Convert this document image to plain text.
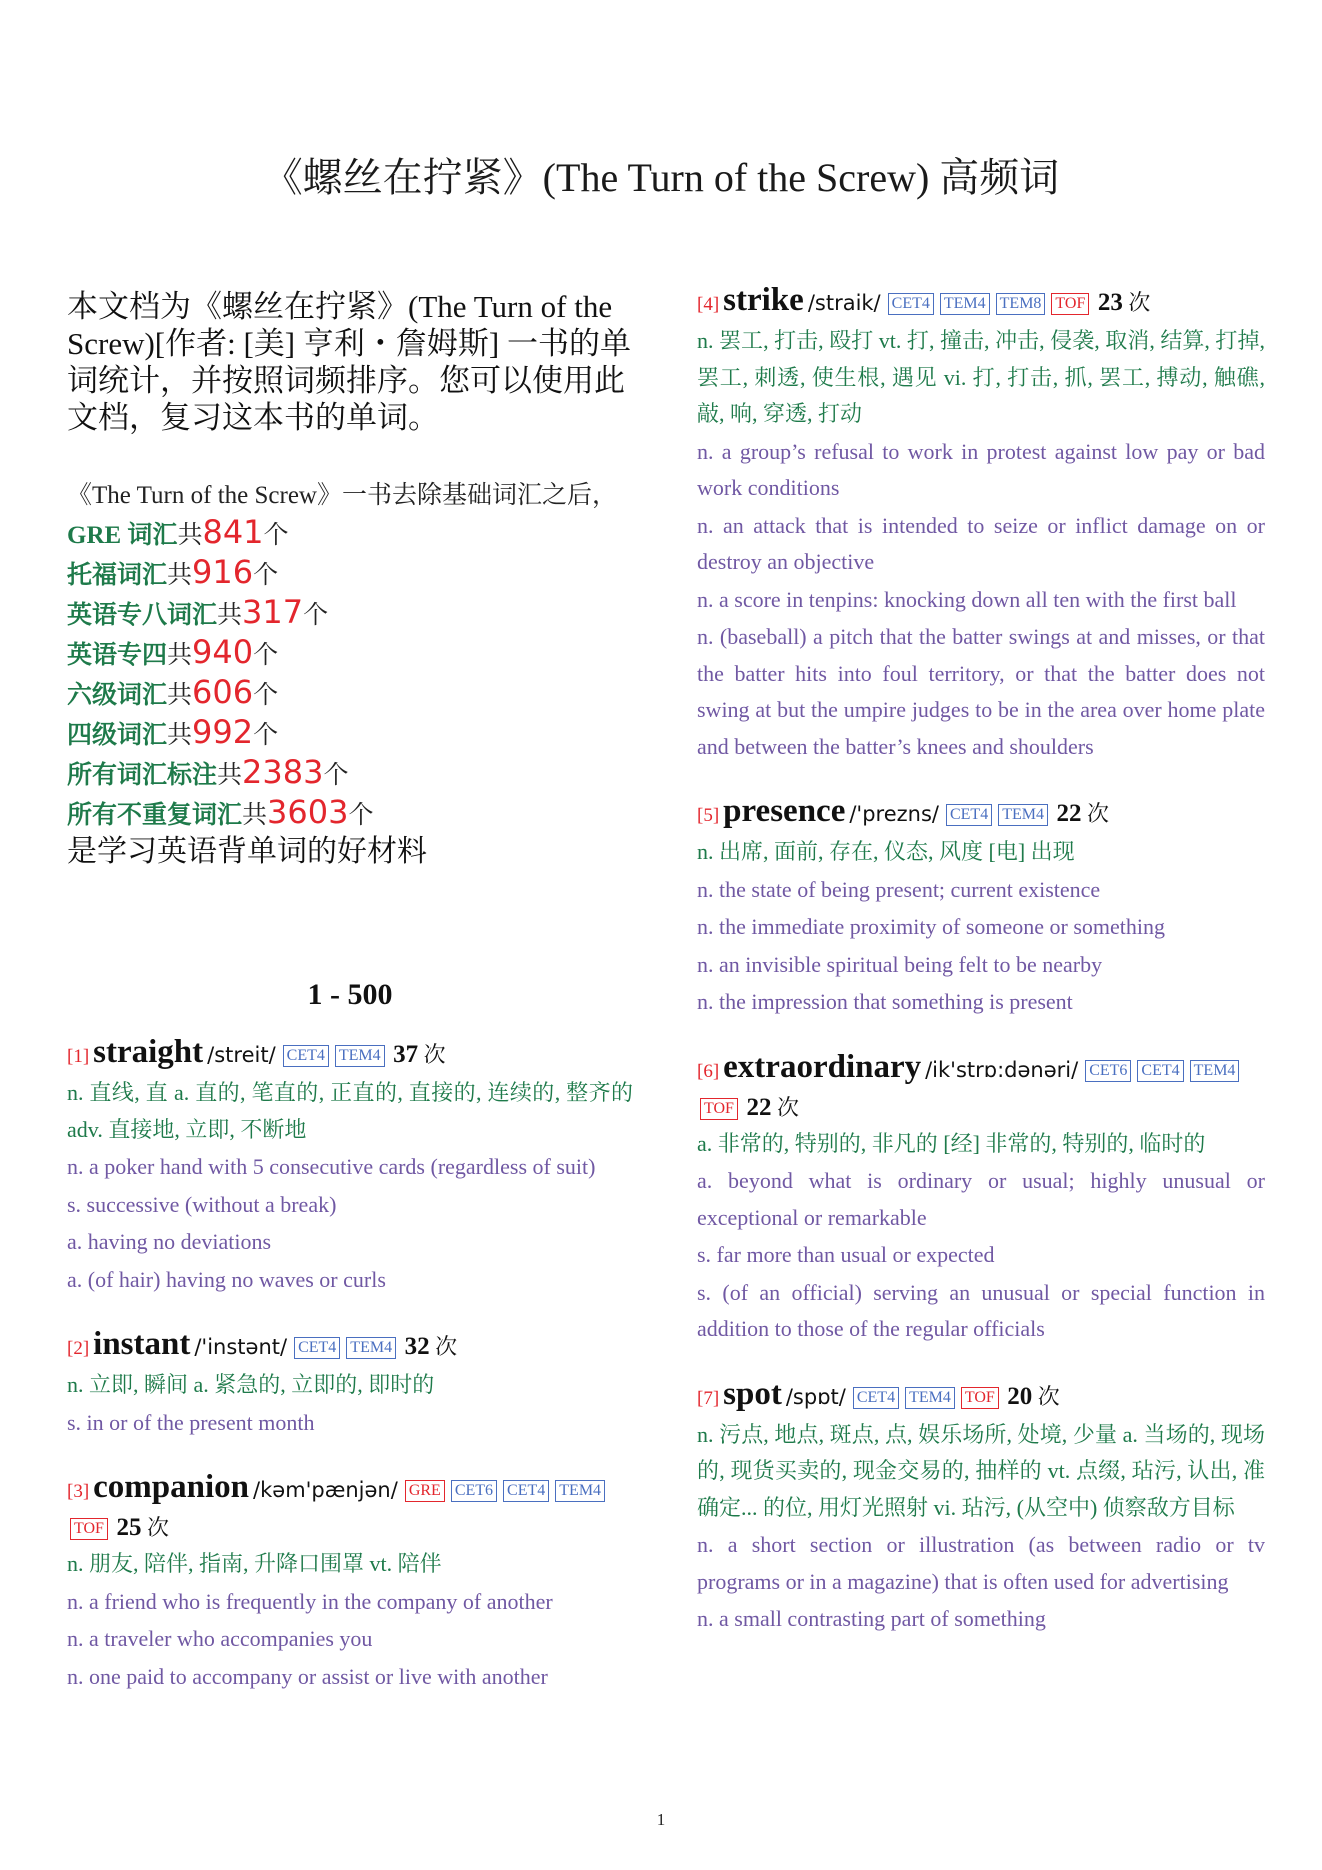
《螺丝在拧紧》(The Turn of the Screw) 高频词
本文档为《螺丝在拧紧》(The Turn of the Screw)[作者: [美] 亨利・詹姆斯] 一书的单词统计，并按照词频排序。您可以使用此文档，复习这本书的单词。
《The Turn of the Screw》一书去除基础词汇之后，
GRE 词汇共841个
托福词汇共916个
英语专八词汇共317个
英语专四共940个
六级词汇共606个
四级词汇共992个
所有词汇标注共2383个
所有不重复词汇共3603个
是学习英语背单词的好材料
1 - 500
[1] straight /streit/ CET4 TEM4 37 次
n. 直线, 直 a. 直的, 笔直的, 正直的, 直接的, 连续的, 整齐的 adv. 直接地, 立即, 不断地
n. a poker hand with 5 consecutive cards (regardless of suit)
s. successive (without a break)
a. having no deviations
a. (of hair) having no waves or curls
[2] instant /'instənt/ CET4 TEM4 32 次
n. 立即, 瞬间 a. 紧急的, 立即的, 即时的
s. in or of the present month
[3] companion /kəm'pænjən/ GRE CET6 CET4 TEM4TOF 25 次
n. 朋友, 陪伴, 指南, 升降口围罩 vt. 陪伴
n. a friend who is frequently in the company of another
n. a traveler who accompanies you
n. one paid to accompany or assist or live with another
[4] strike /straik/ CET4 TEM4 TEM8 TOF 23 次
n. 罢工, 打击, 殴打 vt. 打, 撞击, 冲击, 侵袭, 取消, 结算, 打掉, 罢工, 刺透, 使生根, 遇见 vi. 打, 打击, 抓, 罢工, 搏动, 触礁, 敲, 响, 穿透, 打动
n. a group’s refusal to work in protest against low pay or bad work conditions
n. an attack that is intended to seize or inflict damage on or destroy an objective
n. a score in tenpins: knocking down all ten with the first ball
n. (baseball) a pitch that the batter swings at and misses, or that the batter hits into foul territory, or that the batter does not swing at but the umpire judges to be in the area over home plate and between the batter’s knees and shoulders
[5] presence /'prezns/ CET4 TEM4 22 次
n. 出席, 面前, 存在, 仪态, 风度 [电] 出现
n. the state of being present; current existence
n. the immediate proximity of someone or something
n. an invisible spiritual being felt to be nearby
n. the impression that something is present
[6] extraordinary /ik'strɒ:dənəri/ CET6 CET4 TEM4TOF 22 次
a. 非常的, 特别的, 非凡的 [经] 非常的, 特别的, 临时的
a. beyond what is ordinary or usual; highly unusual or exceptional or remarkable
s. far more than usual or expected
s. (of an official) serving an unusual or special function in addition to those of the regular officials
[7] spot /spɒt/ CET4 TEM4 TOF 20 次
n. 污点, 地点, 斑点, 点, 娱乐场所, 处境, 少量 a. 当场的, 现场的, 现货买卖的, 现金交易的, 抽样的 vt. 点缀, 玷污, 认出, 准确定... 的位, 用灯光照射 vi. 玷污, (从空中) 侦察敌方目标
n. a short section or illustration (as between radio or tv programs or in a magazine) that is often used for advertising
n. a small contrasting part of something
1
